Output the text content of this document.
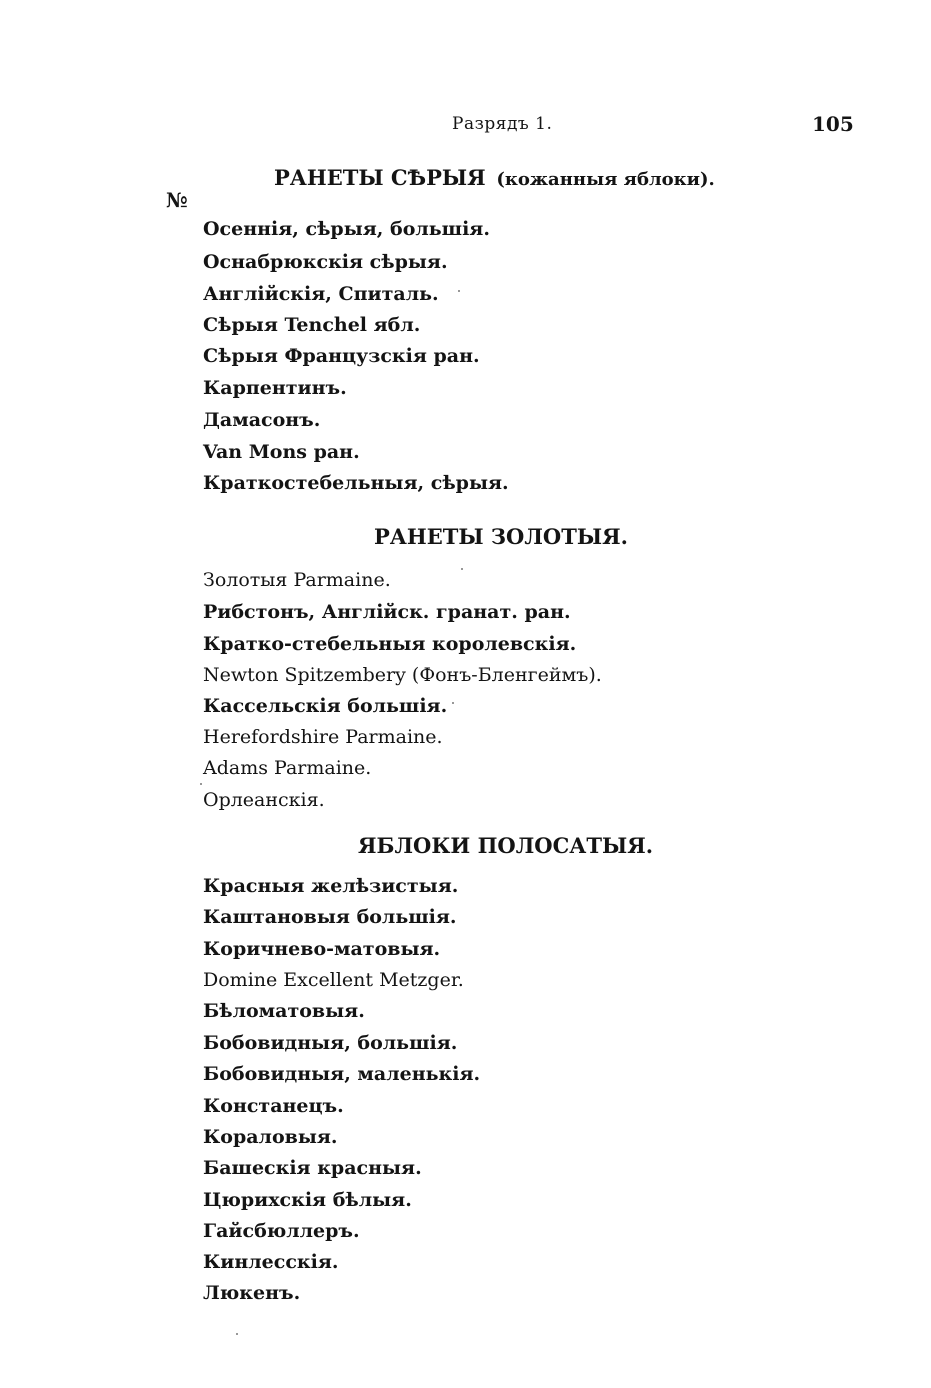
Разрядъ 1.	105
РАНЕТЫ СѢРЫЯ (кожанныя яблоки).
№
Осеннія, сѣрыя, большія.
Оснабрюкскія сѣрыя.
Англійскія, Спиталь.
Сѣрыя Tenchel ябл.
Сѣрыя Французскія ран.
Карпентинъ.
Дамасонъ.
Van Mons ран.
Краткостебельныя, сѣрыя.
РАНЕТЫ ЗОЛОТЫЯ.
Золотыя Parmaine.
Рибстонъ, Англійск. гранат. ран.
Кратко-стебельныя королевскія.
Newton Spitzembery (Фонъ-Бленгеймъ).
Кассельскія большія.
Herefordshire Parmaine.
Adams Parmaine.
Орлеанскія.
ЯБЛОКИ ПОЛОСАТЫЯ.
Красныя желѣзистыя.
Каштановыя большія.
Коричнево-матовыя.
Domine Excellent Metzger.
Бѣломатовыя.
Бобовидныя, большія.
Бобовидныя, маленькія.
Констанецъ.
Кораловыя.
Башескія красныя.
Цюрихскія бѣлыя.
Гайсбюллеръ.
Кинлесскія.
Люкенъ.
